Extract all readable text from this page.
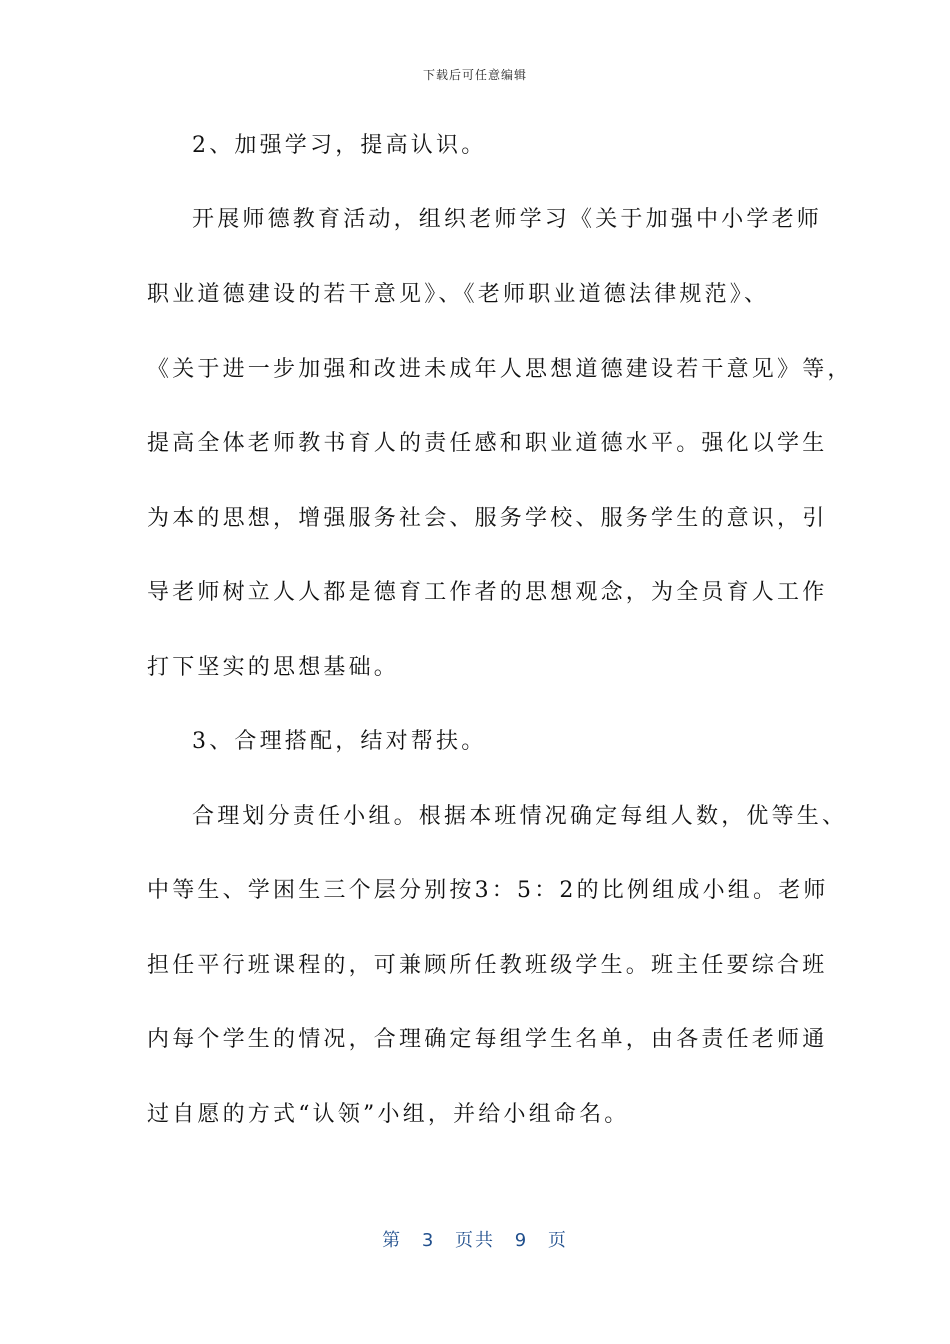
下载后可任意编辑
2、加强学习，提高认识。
开展师德教育活动，组织老师学习《关于加强中小学老师
职业道德建设的若干意见》、《老师职业道德法律规范》、
《关于进一步加强和改进未成年人思想道德建设若干意见》等，
提高全体老师教书育人的责任感和职业道德水平。强化以学生
为本的思想，增强服务社会、服务学校、服务学生的意识，引
导老师树立人人都是德育工作者的思想观念，为全员育人工作
打下坚实的思想基础。
3、合理搭配，结对帮扶。
合理划分责任小组。根据本班情况确定每组人数，优等生、
中等生、学困生三个层分别按3：5：2的比例组成小组。老师
担任平行班课程的，可兼顾所任教班级学生。班主任要综合班
内每个学生的情况，合理确定每组学生名单，由各责任老师通
过自愿的方式“认领”小组，并给小组命名。
第 3 页共 9 页
